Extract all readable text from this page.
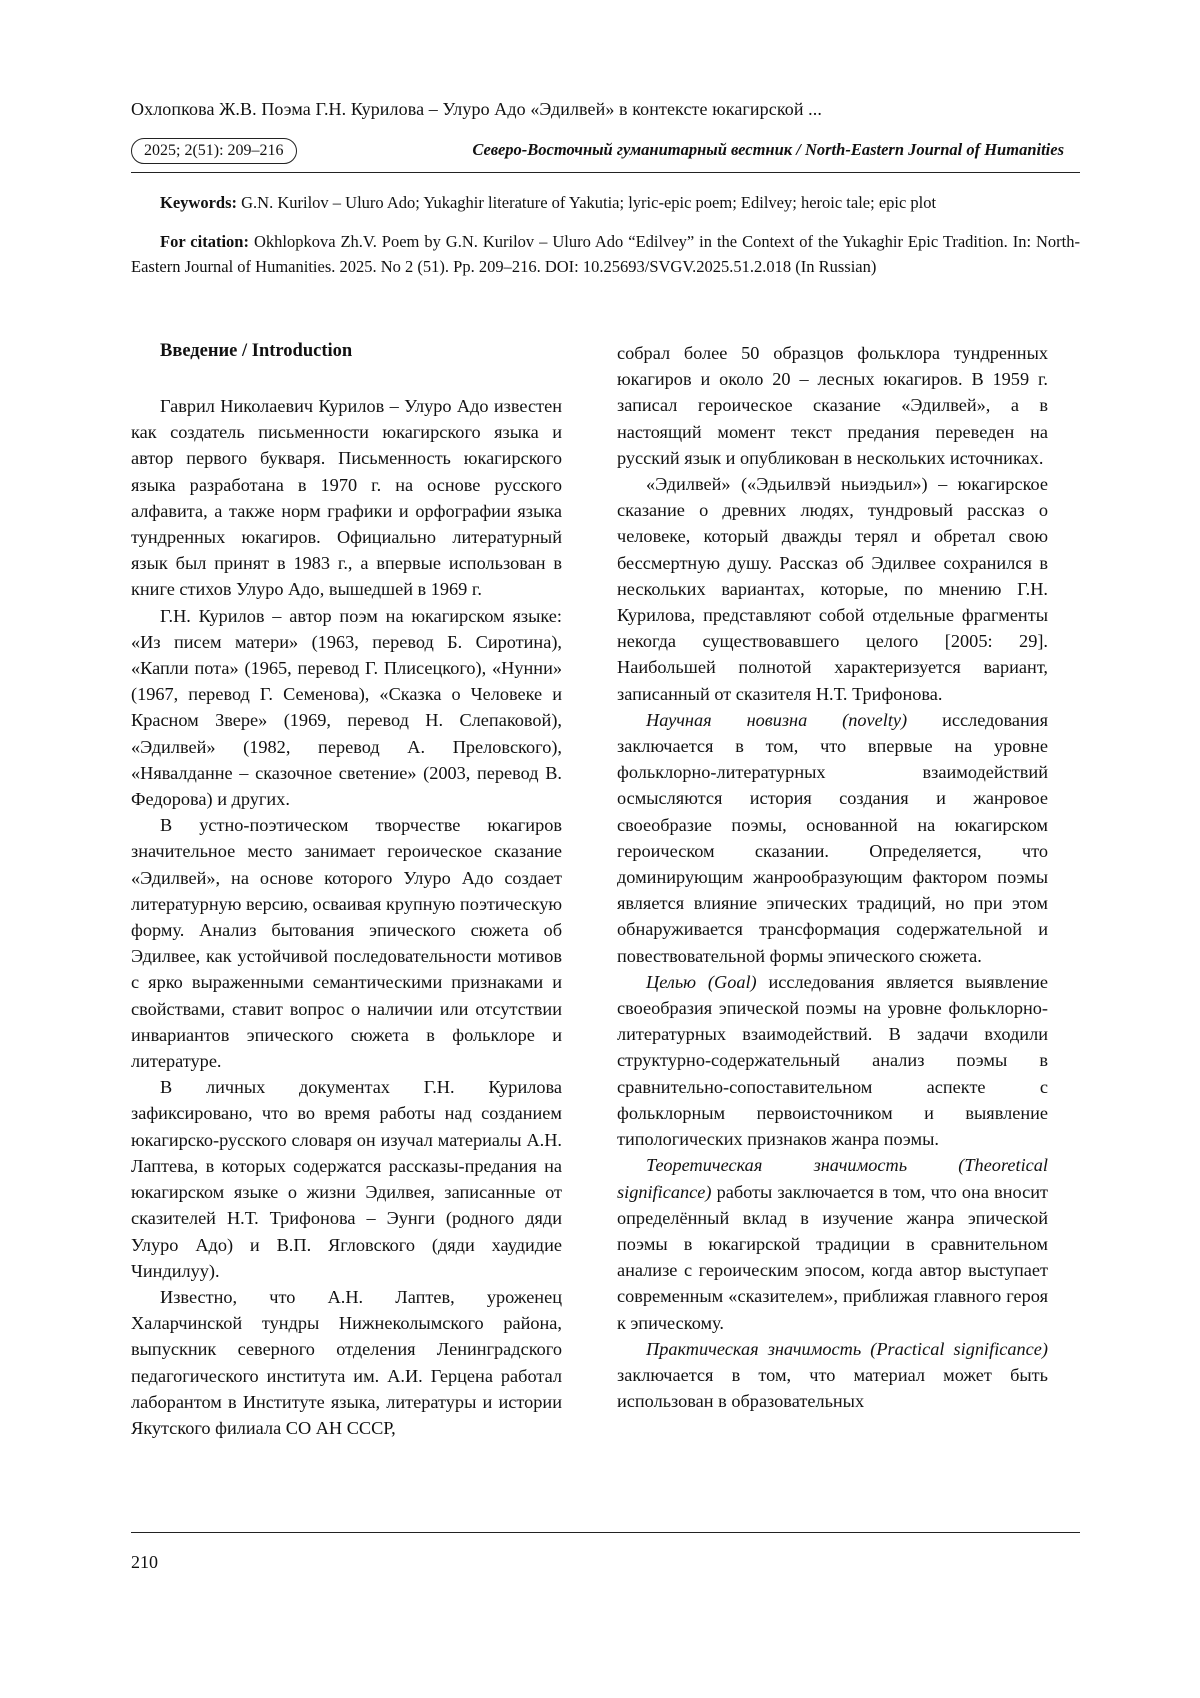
Охлопкова Ж.В. Поэма Г.Н. Курилова – Улуро Адо «Эдилвей» в контексте юкагирской ...
2025; 2(51): 209–216	Северо-Восточный гуманитарный вестник / North-Eastern Journal of Humanities
Keywords: G.N. Kurilov – Uluro Ado; Yukaghir literature of Yakutia; lyric-epic poem; Edilvey; heroic tale; epic plot
For citation: Okhlopkova Zh.V. Poem by G.N. Kurilov – Uluro Ado “Edilvey” in the Context of the Yukaghir Epic Tradition. In: North-Eastern Journal of Humanities. 2025. No 2 (51). Pp. 209–216. DOI: 10.25693/SVGV.2025.51.2.018 (In Russian)
Введение / Introduction

Гаврил Николаевич Курилов – Улуро Адо известен как создатель письменности юкагирского языка и автор первого букваря. Письменность юкагирского языка разработана в 1970 г. на основе русского алфавита, а также норм графики и орфографии языка тундренных юкагиров. Официально литературный язык был принят в 1983 г., а впервые использован в книге стихов Улуро Адо, вышедшей в 1969 г.

Г.Н. Курилов – автор поэм на юкагирском языке: «Из писем матери» (1963, перевод Б. Сиротина), «Капли пота» (1965, перевод Г. Плисецкого), «Нунни» (1967, перевод Г. Семенова), «Сказка о Человеке и Красном Звере» (1969, перевод Н. Слепаковой), «Эдилвей» (1982, перевод А. Преловского), «Нявалданне – сказочное светение» (2003, перевод В. Федорова) и других.

В устно-поэтическом творчестве юкагиров значительное место занимает героическое сказание «Эдилвей», на основе которого Улуро Адо создает литературную версию, осваивая крупную поэтическую форму. Анализ бытования эпического сюжета об Эдилвее, как устойчивой последовательности мотивов с ярко выраженными семантическими признаками и свойствами, ставит вопрос о наличии или отсутствии инвариантов эпического сюжета в фольклоре и литературе.

В личных документах Г.Н. Курилова зафиксировано, что во время работы над созданием юкагирско-русского словаря он изучал материалы А.Н. Лаптева, в которых содержатся рассказы-предания на юкагирском языке о жизни Эдилвея, записанные от сказителей Н.Т. Трифонова – Эунги (родного дяди Улуро Адо) и В.П. Ягловского (дяди хаудидие Чиндилуу).

Известно, что А.Н. Лаптев, уроженец Халарчинской тундры Нижнеколымского района, выпускник северного отделения Ленинградского педагогического института им. А.И. Герцена работал лаборантом в Институте языка, литературы и истории Якутского филиала СО АН СССР,

собрал более 50 образцов фольклора тундренных юкагиров и около 20 – лесных юкагиров. В 1959 г. записал героическое сказание «Эдилвей», а в настоящий момент текст предания переведен на русский язык и опубликован в нескольких источниках.

«Эдилвей» («Эдьилвэй ньиэдьил») – юкагирское сказание о древних людях, тундровый рассказ о человеке, который дважды терял и обретал свою бессмертную душу. Рассказ об Эдилвее сохранился в нескольких вариантах, которые, по мнению Г.Н. Курилова, представляют собой отдельные фрагменты некогда существовавшего целого [2005: 29]. Наибольшей полнотой характеризуется вариант, записанный от сказителя Н.Т. Трифонова.

Научная новизна (novelty) исследования заключается в том, что впервые на уровне фольклорно-литературных взаимодействий осмысляются история создания и жанровое своеобразие поэмы, основанной на юкагирском героическом сказании. Определяется, что доминирующим жанрообразующим фактором поэмы является влияние эпических традиций, но при этом обнаруживается трансформация содержательной и повествовательной формы эпического сюжета.

Целью (Goal) исследования является выявление своеобразия эпической поэмы на уровне фольклорно-литературных взаимодействий. В задачи входили структурно-содержательный анализ поэмы в сравнительно-сопоставительном аспекте с фольклорным первоисточником и выявление типологических признаков жанра поэмы.

Теоретическая значимость (Theoretical significance) работы заключается в том, что она вносит определённый вклад в изучение жанра эпической поэмы в юкагирской традиции в сравнительном анализе с героическим эпосом, когда автор выступает современным «сказителем», приближая главного героя к эпическому.

Практическая значимость (Practical significance) заключается в том, что материал может быть использован в образовательных

210
